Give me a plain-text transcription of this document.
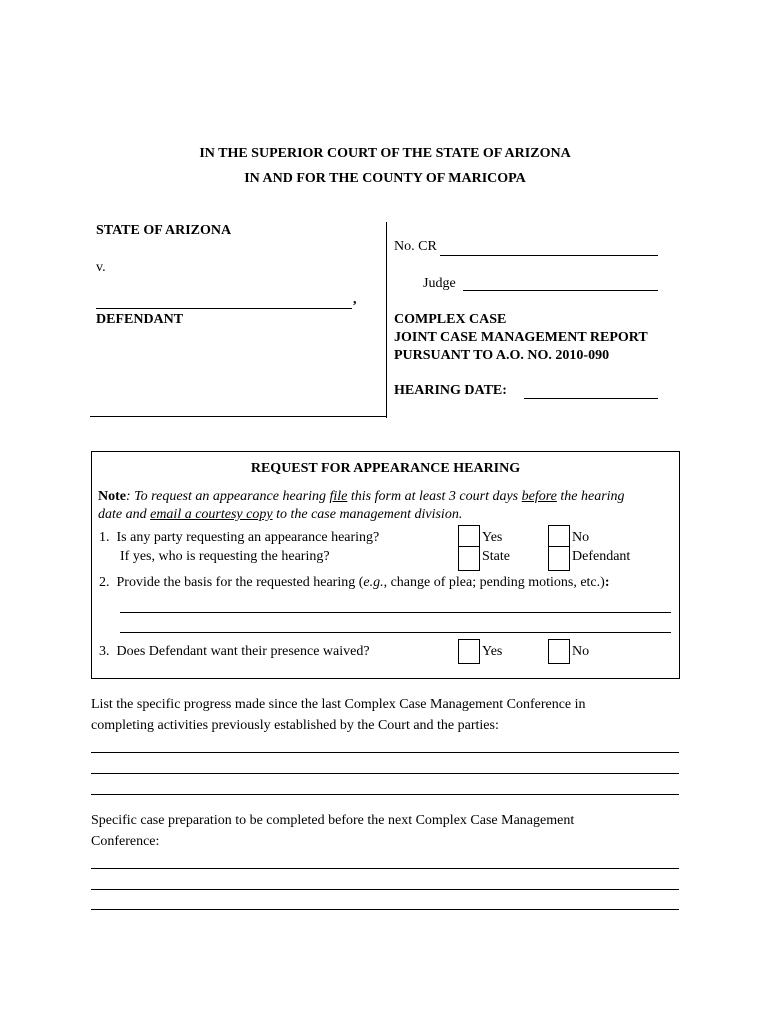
IN THE SUPERIOR COURT OF THE STATE OF ARIZONA
IN AND FOR THE COUNTY OF MARICOPA
STATE OF ARIZONA
v.
,
DEFENDANT
No. CR
Judge
COMPLEX CASE
JOINT CASE MANAGEMENT REPORT
PURSUANT TO A.O. NO. 2010-090
HEARING DATE:
REQUEST FOR APPEARANCE HEARING
Note: To request an appearance hearing file this form at least 3 court days before the hearing
date and email a courtesy copy to the case management division.
1.  Is any party requesting an appearance hearing?
If yes, who is requesting the hearing?
Yes	No
State	Defendant
2.  Provide the basis for the requested hearing (e.g., change of plea; pending motions, etc.):
3.  Does Defendant want their presence waived?	Yes	No
List the specific progress made since the last Complex Case Management Conference in
completing activities previously established by the Court and the parties:
Specific case preparation to be completed before the next Complex Case Management
Conference:
